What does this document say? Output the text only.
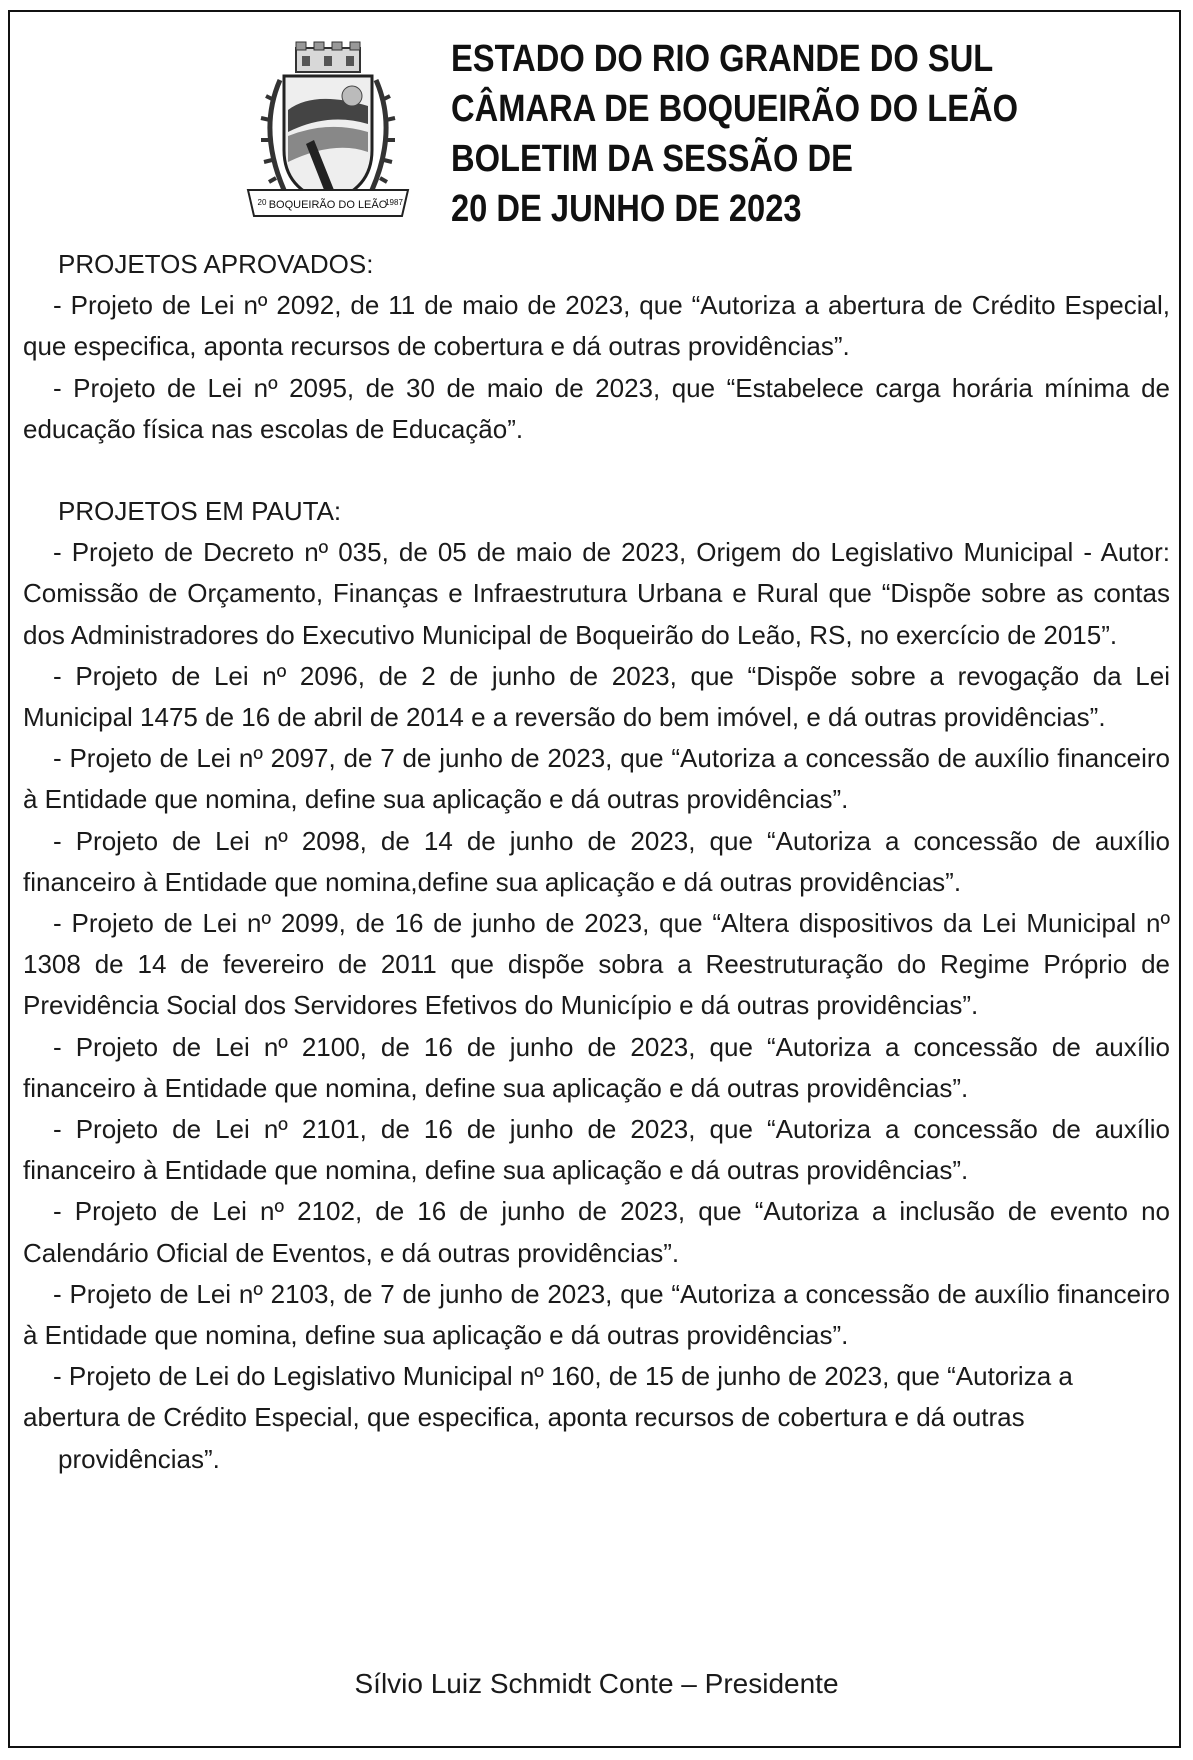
BOQUEIRÃO DO LEÃO
20	1987
ESTADO DO RIO GRANDE DO SUL
CÂMARA DE BOQUEIRÃO DO LEÃO
BOLETIM DA SESSÃO DE
20 DE JUNHO DE 2023

PROJETOS APROVADOS:

- Projeto de Lei nº 2092, de 11 de maio de 2023, que “Autoriza a abertura de Crédito Especial, que especifica, aponta recursos de cobertura e dá outras providências”.

- Projeto de Lei nº 2095, de 30 de maio de 2023, que “Estabelece carga horária mínima de educação física nas escolas de Educação”.

PROJETOS EM PAUTA:

- Projeto de Decreto nº 035, de 05 de maio de 2023, Origem do Legislativo Municipal - Autor: Comissão de Orçamento, Finanças e Infraestrutura Urbana e Rural que “Dispõe sobre as contas dos Administradores do Executivo Municipal de Boqueirão do Leão, RS, no exercício de 2015”.

- Projeto de Lei nº 2096, de 2 de junho de 2023, que “Dispõe sobre a revogação da Lei Municipal 1475 de 16 de abril de 2014 e a reversão do bem imóvel, e dá outras providências”.

- Projeto de Lei nº 2097, de 7 de junho de 2023, que “Autoriza a concessão de auxílio financeiro à Entidade que nomina, define sua aplicação e dá outras providências”.

- Projeto de Lei nº 2098, de 14 de junho de 2023, que “Autoriza a concessão de auxílio financeiro à Entidade que nomina,define sua aplicação e dá outras providências”.

- Projeto de Lei nº 2099, de 16 de junho de 2023, que “Altera dispositivos da Lei Municipal nº 1308 de 14 de fevereiro de 2011 que dispõe sobra a Reestruturação do Regime Próprio de Previdência Social dos Servidores Efetivos do Município e dá outras providências”.

- Projeto de Lei nº 2100, de 16 de junho de 2023, que “Autoriza a concessão de auxílio financeiro à Entidade que nomina, define sua aplicação e dá outras providências”.

- Projeto de Lei nº 2101, de 16 de junho de 2023, que “Autoriza a concessão de auxílio financeiro à Entidade que nomina, define sua aplicação e dá outras providências”.

- Projeto de Lei nº 2102, de 16 de junho de 2023, que “Autoriza a inclusão de evento no Calendário Oficial de Eventos, e dá outras providências”.

- Projeto de Lei nº 2103, de 7 de junho de 2023, que “Autoriza a concessão de auxílio financeiro à Entidade que nomina, define sua aplicação e dá outras providências”.

- Projeto de Lei do Legislativo Municipal nº 160, de 15 de junho de 2023, que “Autoriza a abertura de Crédito Especial, que especifica, aponta recursos de cobertura e dá outras

providências”.

Sílvio Luiz Schmidt Conte – Presidente
